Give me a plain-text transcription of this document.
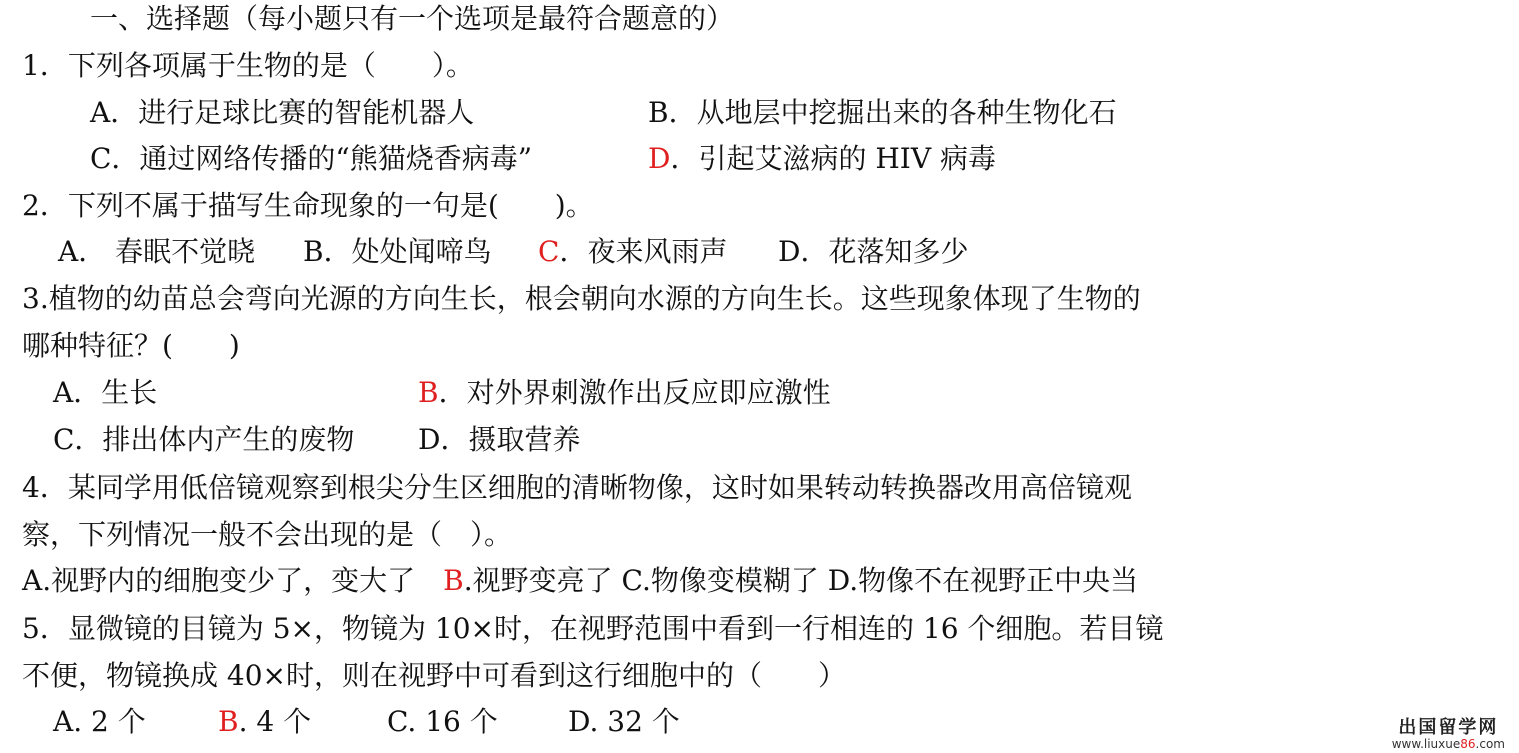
一、选择题（每小题只有一个选项是最符合题意的）
1．下列各项属于生物的是（　　）。
A．进行足球比赛的智能机器人	B．从地层中挖掘出来的各种生物化石
C．通过网络传播的“熊猫烧香病毒”	D．引起艾滋病的 HIV 病毒
2．下列不属于描写生命现象的一句是(　　)。
A． 春眠不觉晓 B．处处闻啼鸟 C．夜来风雨声 D．花落知多少
3.植物的幼苗总会弯向光源的方向生长，根会朝向水源的方向生长。这些现象体现了生物的
哪种特征？(　　)
A．生长	B．对外界刺激作出反应即应激性
C．排出体内产生的废物 D．摄取营养
4．某同学用低倍镜观察到根尖分生区细胞的清晰物像，这时如果转动转换器改用高倍镜观
察，下列情况一般不会出现的是（　）。
A.视野内的细胞变少了，变大了　 B.视野变亮了 C.物像变模糊了 D.物像不在视野正中央当
5．显微镜的目镜为 5×，物镜为 10×时，在视野范围中看到一行相连的 16 个细胞。若目镜
不便，物镜换成 40×时，则在视野中可看到这行细胞中的（　　）
A. 2 个	B. 4 个	C. 16 个	D. 32 个	出国留学网
www.liuxue86.com
